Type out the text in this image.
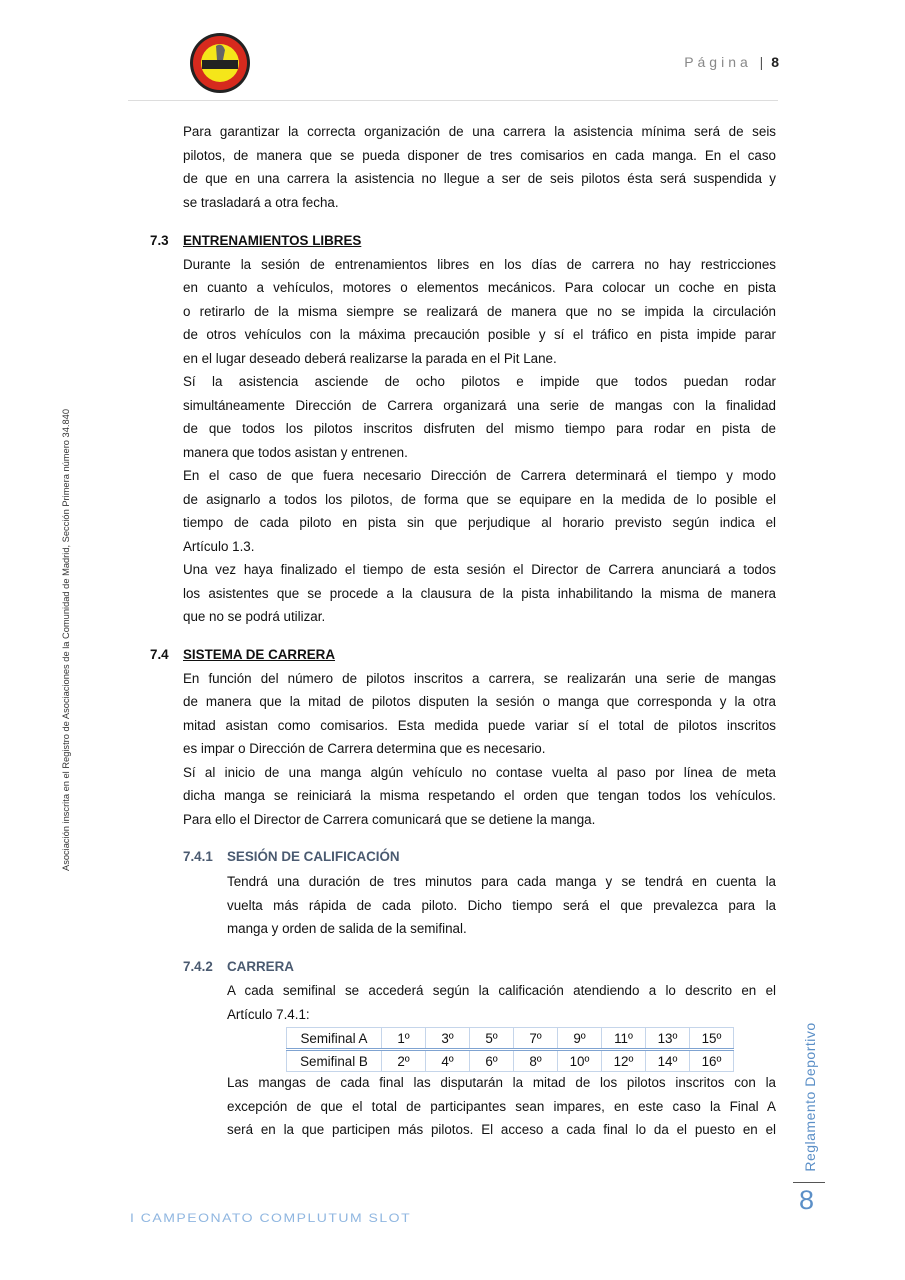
Página | 8
Asociación inscrita en el Registro de Asociaciones de la Comunidad de Madrid, Sección Primera número 34.840
Para garantizar la correcta organización de una carrera la asistencia mínima será de seis
pilotos, de manera que se pueda disponer de tres comisarios en cada manga. En el caso
de que en una carrera la asistencia no llegue a ser de seis pilotos ésta será suspendida y
se trasladará a otra fecha.
7.3 ENTRENAMIENTOS LIBRES
Durante la sesión de entrenamientos libres en los días de carrera no hay restricciones
en cuanto a vehículos, motores o elementos mecánicos. Para colocar un coche en pista
o retirarlo de la misma siempre se realizará de manera que no se impida la circulación
de otros vehículos con la máxima precaución posible y sí el tráfico en pista impide parar
en el lugar deseado deberá realizarse la parada en el Pit Lane.
Sí la asistencia asciende de ocho pilotos e impide que todos puedan rodar
simultáneamente Dirección de Carrera organizará una serie de mangas con la finalidad
de que todos los pilotos inscritos disfruten del mismo tiempo para rodar en pista de
manera que todos asistan y entrenen.
En el caso de que fuera necesario Dirección de Carrera determinará el tiempo y modo
de asignarlo a todos los pilotos, de forma que se equipare en la medida de lo posible el
tiempo de cada piloto en pista sin que perjudique al horario previsto según indica el
Artículo 1.3.
Una vez haya finalizado el tiempo de esta sesión el Director de Carrera anunciará a todos
los asistentes que se procede a la clausura de la pista inhabilitando la misma de manera
que no se podrá utilizar.
7.4 SISTEMA DE CARRERA
En función del número de pilotos inscritos a carrera, se realizarán una serie de mangas
de manera que la mitad de pilotos disputen la sesión o manga que corresponda y la otra
mitad asistan como comisarios. Esta medida puede variar sí el total de pilotos inscritos
es impar o Dirección de Carrera determina que es necesario.
Sí al inicio de una manga algún vehículo no contase vuelta al paso por línea de meta
dicha manga se reiniciará la misma respetando el orden que tengan todos los vehículos.
Para ello el Director de Carrera comunicará que se detiene la manga.
7.4.1 SESIÓN DE CALIFICACIÓN
Tendrá una duración de tres minutos para cada manga y se tendrá en cuenta la
vuelta más rápida de cada piloto. Dicho tiempo será el que prevalezca para la
manga y orden de salida de la semifinal.
7.4.2 CARRERA
A cada semifinal se accederá según la calificación atendiendo a lo descrito en el
Artículo 7.4.1:
Semifinal A	1º	3º	5º	7º	9º	11º	13º	15º
Semifinal B	2º	4º	6º	8º	10º	12º	14º	16º
Las mangas de cada final las disputarán la mitad de los pilotos inscritos con la
excepción de que el total de participantes sean impares, en este caso la Final A
será en la que participen más pilotos. El acceso a cada final lo da el puesto en el Reglamento Deportivo
8
I CAMPEONATO COMPLUTUM SLOT
